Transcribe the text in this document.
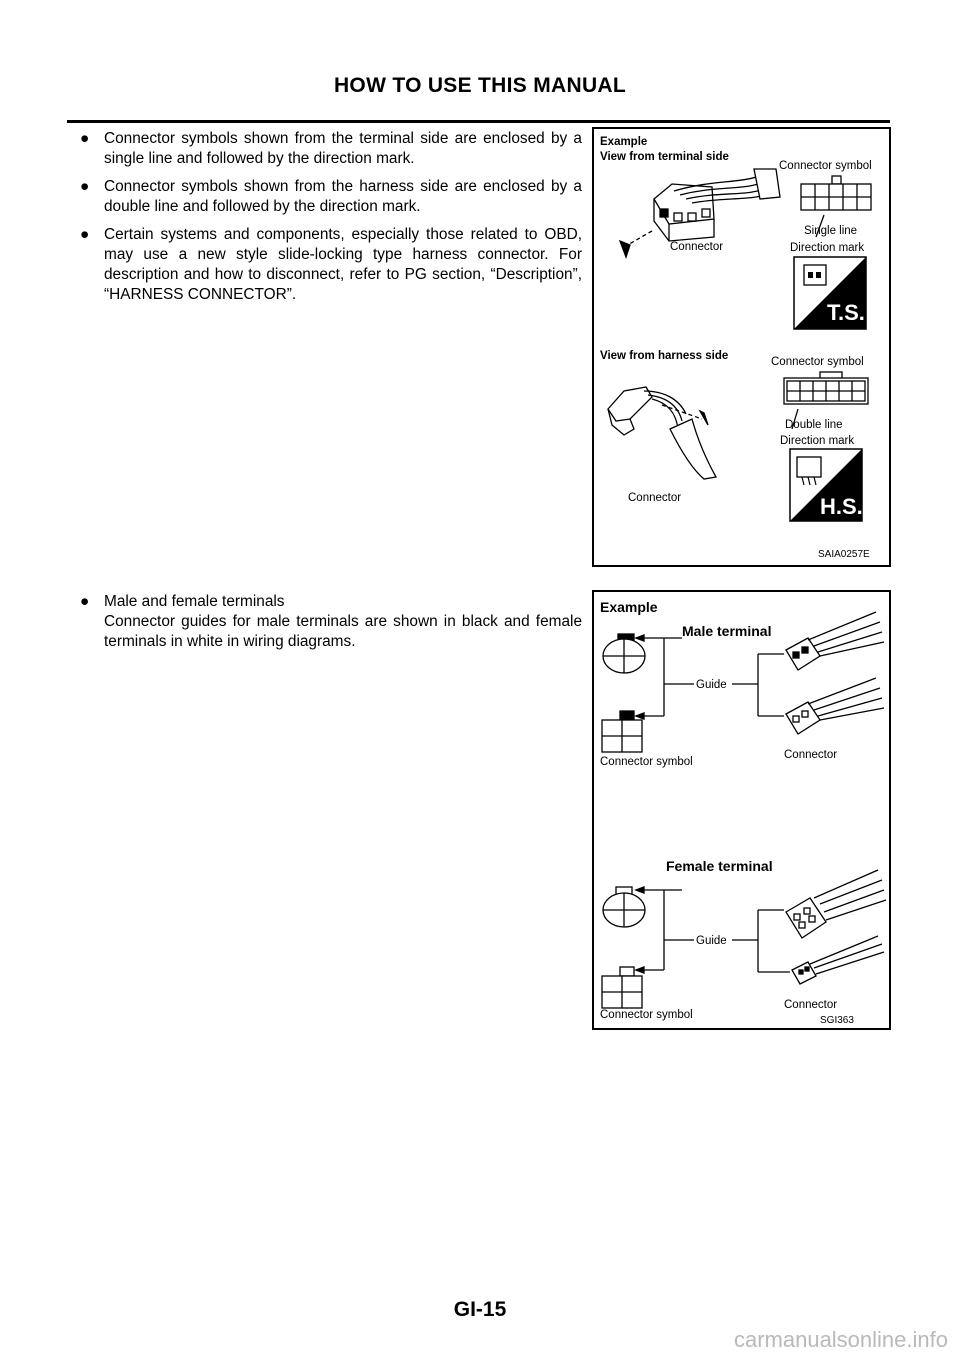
HOW TO USE THIS MANUAL
● Connector symbols shown from the terminal side are enclosed by a single line and followed by the direction mark.
● Connector symbols shown from the harness side are enclosed by a double line and followed by the direction mark.
● Certain systems and components, especially those related to OBD, may use a new style slide-locking type harness connector. For description and how to disconnect, refer to PG section, “Description”, “HARNESS CONNECTOR”.
● Male and female terminals
Connector guides for male terminals are shown in black and female terminals in white in wiring diagrams.
Example
View from terminal side
Connector
Connector symbol
Single line
Direction mark
T.S.
View from harness side	Connector symbol
Double line
Direction mark
Connector	H.S.
SAIA0257E
Example
Male terminal
Guide
Connector symbol
Connector
Female terminal
Guide
Connector
Connector symbol	SGI363
GI-15
carmanualsonline.info
